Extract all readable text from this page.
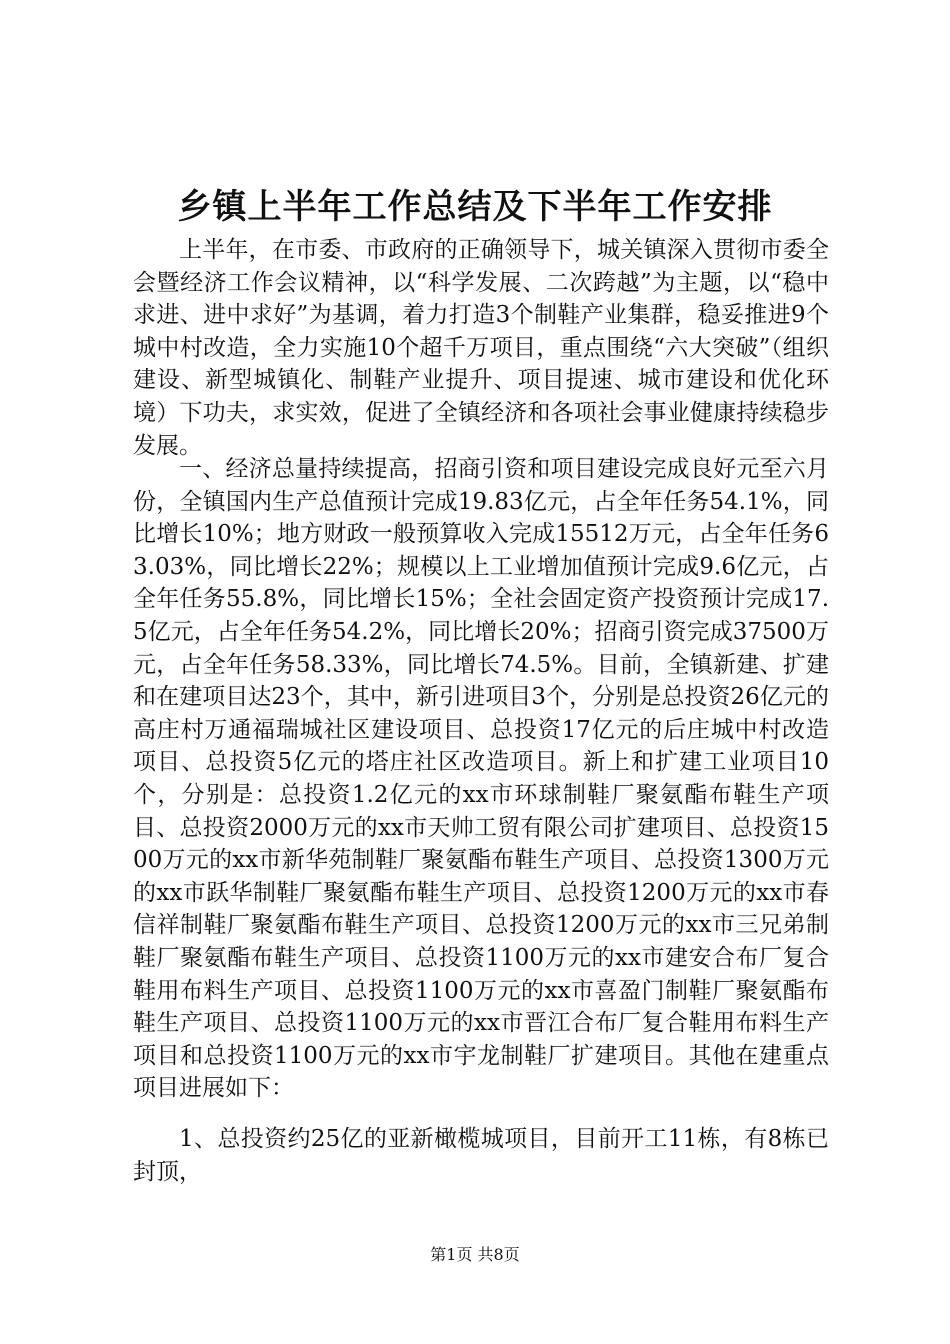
乡镇上半年工作总结及下半年工作安排

上半年，在市委、市政府的正确领导下，城关镇深入贯彻市委全会暨经济工作会议精神，以“科学发展、二次跨越”为主题，以“稳中求进、进中求好”为基调，着力打造3个制鞋产业集群，稳妥推进9个城中村改造，全力实施10个超千万项目，重点围绕“六大突破”（组织建设、新型城镇化、制鞋产业提升、项目提速、城市建设和优化环境）下功夫，求实效，促进了全镇经济和各项社会事业健康持续稳步发展。

一、经济总量持续提高，招商引资和项目建设完成良好元至六月份，全镇国内生产总值预计完成19.83亿元，占全年任务54.1%，同比增长10%；地方财政一般预算收入完成15512万元，占全年任务63.03%，同比增长22%；规模以上工业增加值预计完成9.6亿元，占全年任务55.8%，同比增长15%；全社会固定资产投资预计完成17.5亿元，占全年任务54.2%，同比增长20%；招商引资完成37500万元，占全年任务58.33%，同比增长74.5%。目前，全镇新建、扩建和在建项目达23个，其中，新引进项目3个，分别是总投资26亿元的高庄村万通福瑞城社区建设项目、总投资17亿元的后庄城中村改造项目、总投资5亿元的塔庄社区改造项目。新上和扩建工业项目10个，分别是：总投资1.2亿元的xx市环球制鞋厂聚氨酯布鞋生产项目、总投资2000万元的xx市天帅工贸有限公司扩建项目、总投资1500万元的xx市新华苑制鞋厂聚氨酯布鞋生产项目、总投资1300万元的xx市跃华制鞋厂聚氨酯布鞋生产项目、总投资1200万元的xx市春信祥制鞋厂聚氨酯布鞋生产项目、总投资1200万元的xx市三兄弟制鞋厂聚氨酯布鞋生产项目、总投资1100万元的xx市建安合布厂复合鞋用布料生产项目、总投资1100万元的xx市喜盈门制鞋厂聚氨酯布鞋生产项目、总投资1100万元的xx市晋江合布厂复合鞋用布料生产项目和总投资1100万元的xx市宇龙制鞋厂扩建项目。其他在建重点项目进展如下：

1、总投资约25亿的亚新橄榄城项目，目前开工11栋，有8栋已封顶，

第1页 共8页
